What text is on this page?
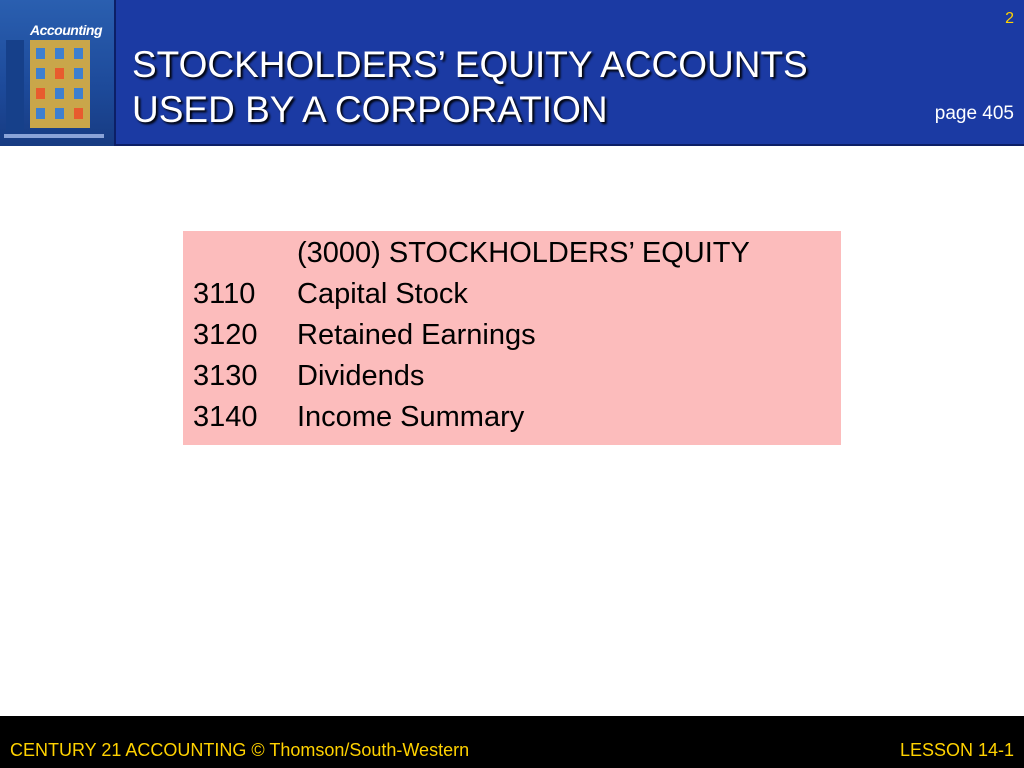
Accounting
2
STOCKHOLDERS’ EQUITY ACCOUNTS
USED BY A CORPORATION	page 405
(3000) STOCKHOLDERS’ EQUITY
3110 Capital Stock
3120 Retained Earnings
3130 Dividends
3140 Income Summary
CENTURY 21 ACCOUNTING © Thomson/South-Western	LESSON 14-1
